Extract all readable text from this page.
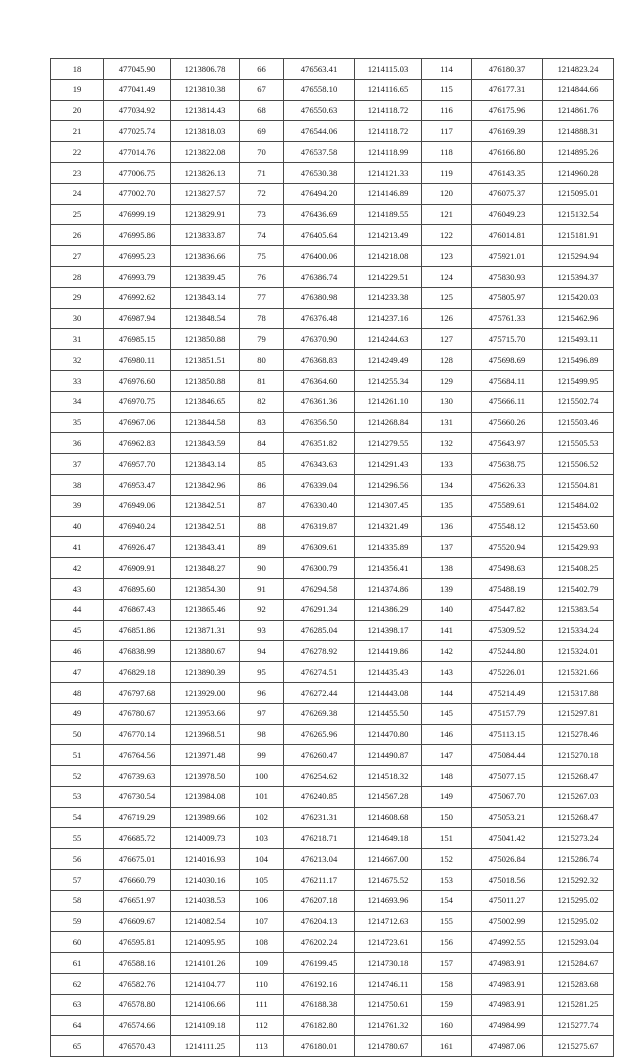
18	477045.90	1213806.78	66	476563.41	1214115.03	114	476180.37	1214823.24
19	477041.49	1213810.38	67	476558.10	1214116.65	115	476177.31	1214844.66
20	477034.92	1213814.43	68	476550.63	1214118.72	116	476175.96	1214861.76
21	477025.74	1213818.03	69	476544.06	1214118.72	117	476169.39	1214888.31
22	477014.76	1213822.08	70	476537.58	1214118.99	118	476166.80	1214895.26
23	477006.75	1213826.13	71	476530.38	1214121.33	119	476143.35	1214960.28
24	477002.70	1213827.57	72	476494.20	1214146.89	120	476075.37	1215095.01
25	476999.19	1213829.91	73	476436.69	1214189.55	121	476049.23	1215132.54
26	476995.86	1213833.87	74	476405.64	1214213.49	122	476014.81	1215181.91
27	476995.23	1213836.66	75	476400.06	1214218.08	123	475921.01	1215294.94
28	476993.79	1213839.45	76	476386.74	1214229.51	124	475830.93	1215394.37
29	476992.62	1213843.14	77	476380.98	1214233.38	125	475805.97	1215420.03
30	476987.94	1213848.54	78	476376.48	1214237.16	126	475761.33	1215462.96
31	476985.15	1213850.88	79	476370.90	1214244.63	127	475715.70	1215493.11
32	476980.11	1213851.51	80	476368.83	1214249.49	128	475698.69	1215496.89
33	476976.60	1213850.88	81	476364.60	1214255.34	129	475684.11	1215499.95
34	476970.75	1213846.65	82	476361.36	1214261.10	130	475666.11	1215502.74
35	476967.06	1213844.58	83	476356.50	1214268.84	131	475660.26	1215503.46
36	476962.83	1213843.59	84	476351.82	1214279.55	132	475643.97	1215505.53
37	476957.70	1213843.14	85	476343.63	1214291.43	133	475638.75	1215506.52
38	476953.47	1213842.96	86	476339.04	1214296.56	134	475626.33	1215504.81
39	476949.06	1213842.51	87	476330.40	1214307.45	135	475589.61	1215484.02
40	476940.24	1213842.51	88	476319.87	1214321.49	136	475548.12	1215453.60
41	476926.47	1213843.41	89	476309.61	1214335.89	137	475520.94	1215429.93
42	476909.91	1213848.27	90	476300.79	1214356.41	138	475498.63	1215408.25
43	476895.60	1213854.30	91	476294.58	1214374.86	139	475488.19	1215402.79
44	476867.43	1213865.46	92	476291.34	1214386.29	140	475447.82	1215383.54
45	476851.86	1213871.31	93	476285.04	1214398.17	141	475309.52	1215334.24
46	476838.99	1213880.67	94	476278.92	1214419.86	142	475244.80	1215324.01
47	476829.18	1213890.39	95	476274.51	1214435.43	143	475226.01	1215321.66
48	476797.68	1213929.00	96	476272.44	1214443.08	144	475214.49	1215317.88
49	476780.67	1213953.66	97	476269.38	1214455.50	145	475157.79	1215297.81
50	476770.14	1213968.51	98	476265.96	1214470.80	146	475113.15	1215278.46
51	476764.56	1213971.48	99	476260.47	1214490.87	147	475084.44	1215270.18
52	476739.63	1213978.50	100	476254.62	1214518.32	148	475077.15	1215268.47
53	476730.54	1213984.08	101	476240.85	1214567.28	149	475067.70	1215267.03
54	476719.29	1213989.66	102	476231.31	1214608.68	150	475053.21	1215268.47
55	476685.72	1214009.73	103	476218.71	1214649.18	151	475041.42	1215273.24
56	476675.01	1214016.93	104	476213.04	1214667.00	152	475026.84	1215286.74
57	476660.79	1214030.16	105	476211.17	1214675.52	153	475018.56	1215292.32
58	476651.97	1214038.53	106	476207.18	1214693.96	154	475011.27	1215295.02
59	476609.67	1214082.54	107	476204.13	1214712.63	155	475002.99	1215295.02
60	476595.81	1214095.95	108	476202.24	1214723.61	156	474992.55	1215293.04
61	476588.16	1214101.26	109	476199.45	1214730.18	157	474983.91	1215284.67
62	476582.76	1214104.77	110	476192.16	1214746.11	158	474983.91	1215283.68
63	476578.80	1214106.66	111	476188.38	1214750.61	159	474983.91	1215281.25
64	476574.66	1214109.18	112	476182.80	1214761.32	160	474984.99	1215277.74
65	476570.43	1214111.25	113	476180.01	1214780.67	161	474987.06	1215275.67
